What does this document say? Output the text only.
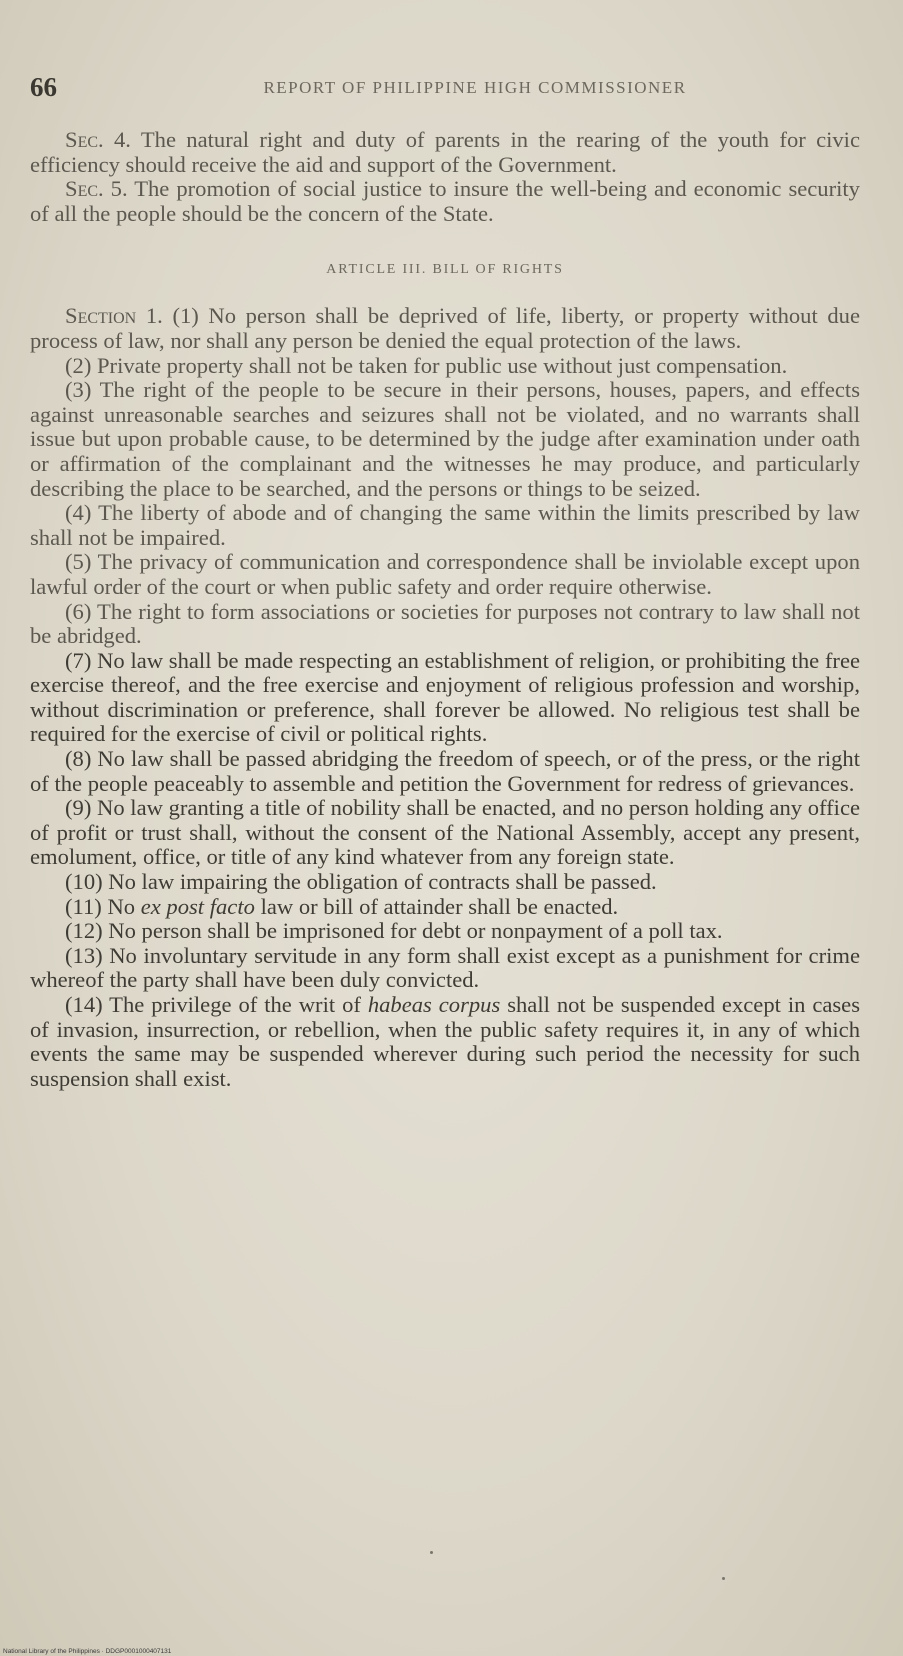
66	REPORT OF PHILIPPINE HIGH COMMISSIONER

Sec. 4. The natural right and duty of parents in the rearing of the youth for civic efficiency should receive the aid and support of the Government.

Sec. 5. The promotion of social justice to insure the well-being and economic security of all the people should be the concern of the State.

ARTICLE III. BILL OF RIGHTS

Section 1. (1) No person shall be deprived of life, liberty, or property without due process of law, nor shall any person be denied the equal protection of the laws.

(2) Private property shall not be taken for public use without just compensation.

(3) The right of the people to be secure in their persons, houses, papers, and effects against unreasonable searches and seizures shall not be violated, and no warrants shall issue but upon probable cause, to be determined by the judge after examination under oath or affirmation of the complainant and the witnesses he may produce, and particularly describing the place to be searched, and the persons or things to be seized.

(4) The liberty of abode and of changing the same within the limits prescribed by law shall not be impaired.

(5) The privacy of communication and correspondence shall be inviolable except upon lawful order of the court or when public safety and order require otherwise.

(6) The right to form associations or societies for purposes not contrary to law shall not be abridged.

(7) No law shall be made respecting an establishment of religion, or prohibiting the free exercise thereof, and the free exercise and enjoyment of religious profession and worship, without discrimination or preference, shall forever be allowed. No religious test shall be required for the exercise of civil or political rights.

(8) No law shall be passed abridging the freedom of speech, or of the press, or the right of the people peaceably to assemble and petition the Government for redress of grievances.

(9) No law granting a title of nobility shall be enacted, and no person holding any office of profit or trust shall, without the consent of the National Assembly, accept any present, emolument, office, or title of any kind whatever from any foreign state.

(10) No law impairing the obligation of contracts shall be passed.

(11) No ex post facto law or bill of attainder shall be enacted.

(12) No person shall be imprisoned for debt or nonpayment of a poll tax.

(13) No involuntary servitude in any form shall exist except as a punishment for crime whereof the party shall have been duly convicted.

(14) The privilege of the writ of habeas corpus shall not be suspended except in cases of invasion, insurrection, or rebellion, when the public safety requires it, in any of which events the same may be suspended wherever during such period the necessity for such suspension shall exist.

National Library of the Philippines · DDGP0001000407131
